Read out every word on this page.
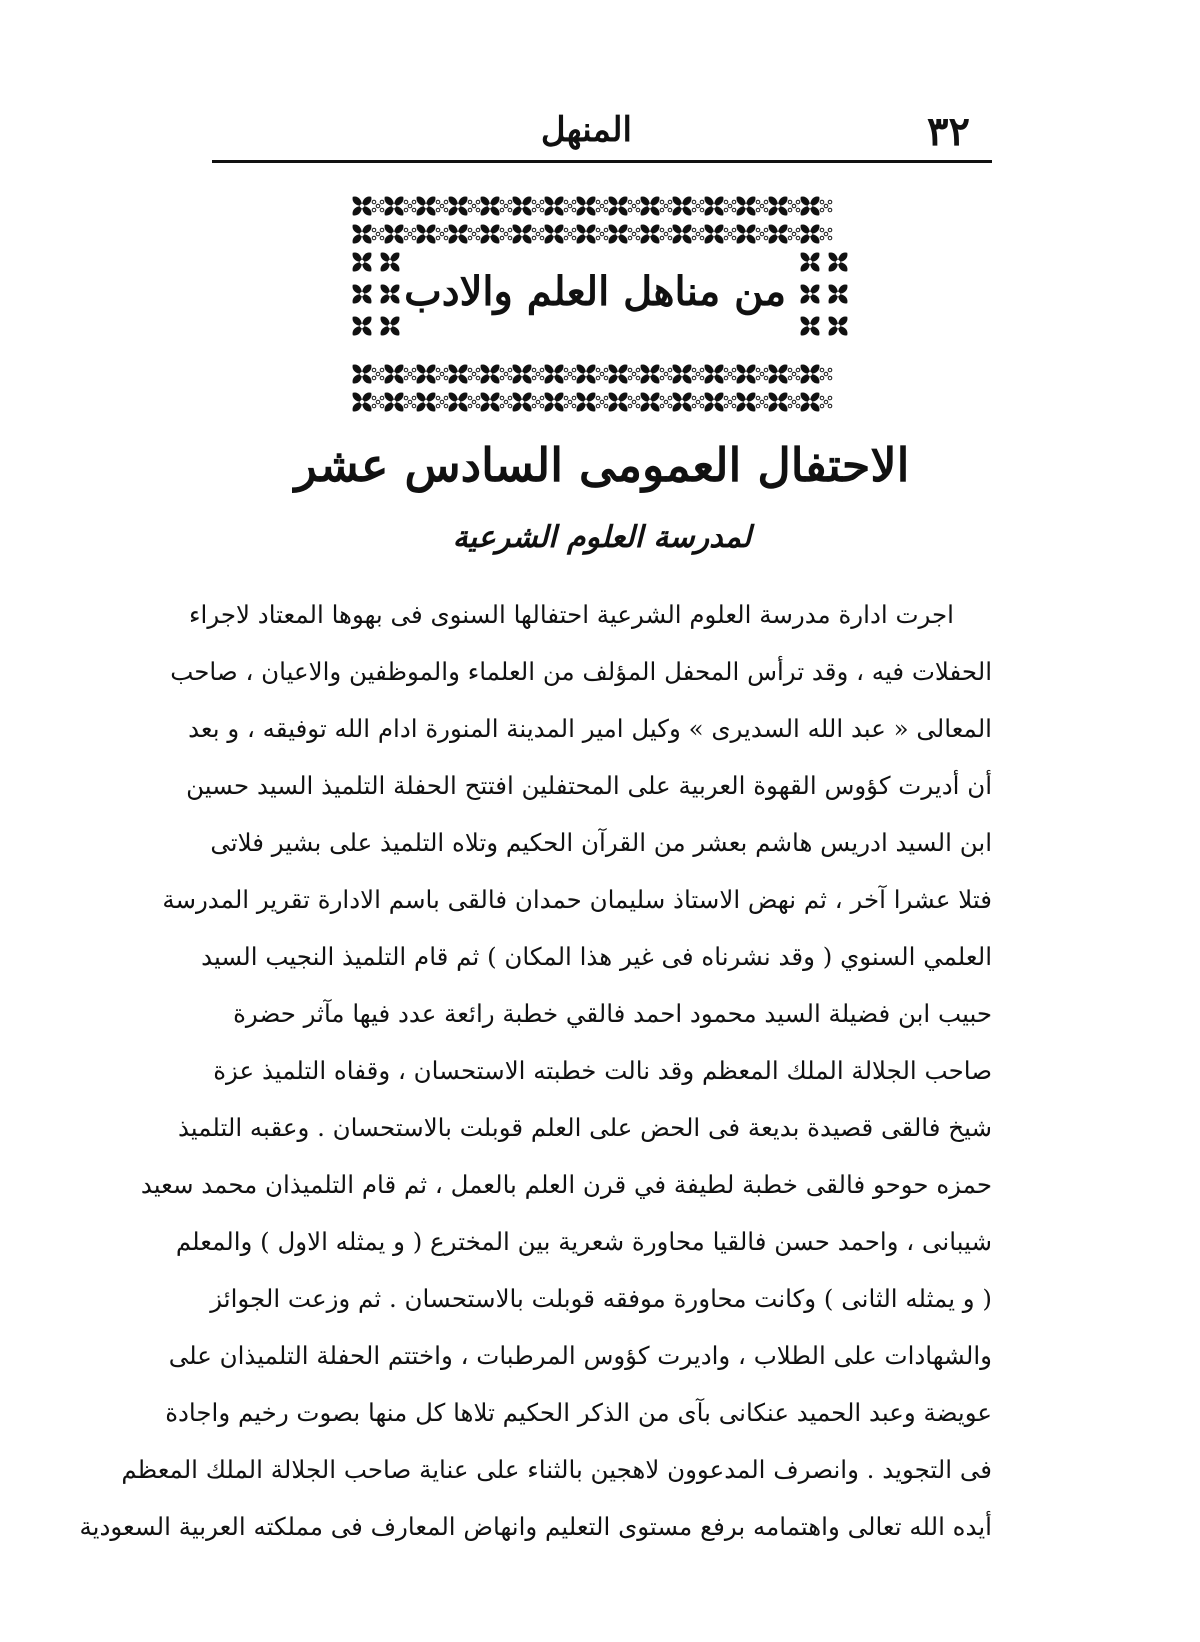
٣٢
المنهل
من مناهل العلم والادب
الاحتفال العمومى السادس عشر
لمدرسة العلوم الشرعية
اجرت ادارة مدرسة العلوم الشرعية احتفالها السنوى فى بهوها المعتاد لاجراء
الحفلات فيه ، وقد ترأس المحفل المؤلف من العلماء والموظفين والاعيان ، صاحب
المعالى « عبد الله السديرى » وكيل امير المدينة المنورة ادام الله توفيقه ، و بعد
أن أديرت كؤوس القهوة العربية على المحتفلين افتتح الحفلة التلميذ السيد حسين
ابن السيد ادريس هاشم بعشر من القرآن الحكيم وتلاه التلميذ على بشير فلاتى
فتلا عشرا آخر ، ثم نهض الاستاذ سليمان حمدان فالقى باسم الادارة تقرير المدرسة
العلمي السنوي ( وقد نشرناه فى غير هذا المكان ) ثم قام التلميذ النجيب السيد
حبيب ابن فضيلة السيد محمود احمد فالقي خطبة رائعة عدد فيها مآثر حضرة
صاحب الجلالة الملك المعظم وقد نالت خطبته الاستحسان ، وقفاه التلميذ عزة
شيخ فالقى قصيدة بديعة فى الحض على العلم قوبلت بالاستحسان . وعقبه التلميذ
حمزه حوحو فالقى خطبة لطيفة في قرن العلم بالعمل ، ثم قام التلميذان محمد سعيد
شيبانى ، واحمد حسن فالقيا محاورة شعرية بين المخترع ( و يمثله الاول ) والمعلم
( و يمثله الثانى ) وكانت محاورة موفقه قوبلت بالاستحسان . ثم وزعت الجوائز
والشهادات على الطلاب ، واديرت كؤوس المرطبات ، واختتم الحفلة التلميذان على
عويضة وعبد الحميد عنكانى بآى من الذكر الحكيم تلاها كل منها بصوت رخيم واجادة
فى التجويد . وانصرف المدعوون لاهجين بالثناء على عناية صاحب الجلالة الملك المعظم
أيده الله تعالى واهتمامه برفع مستوى التعليم وانهاض المعارف فى مملكته العربية السعودية
